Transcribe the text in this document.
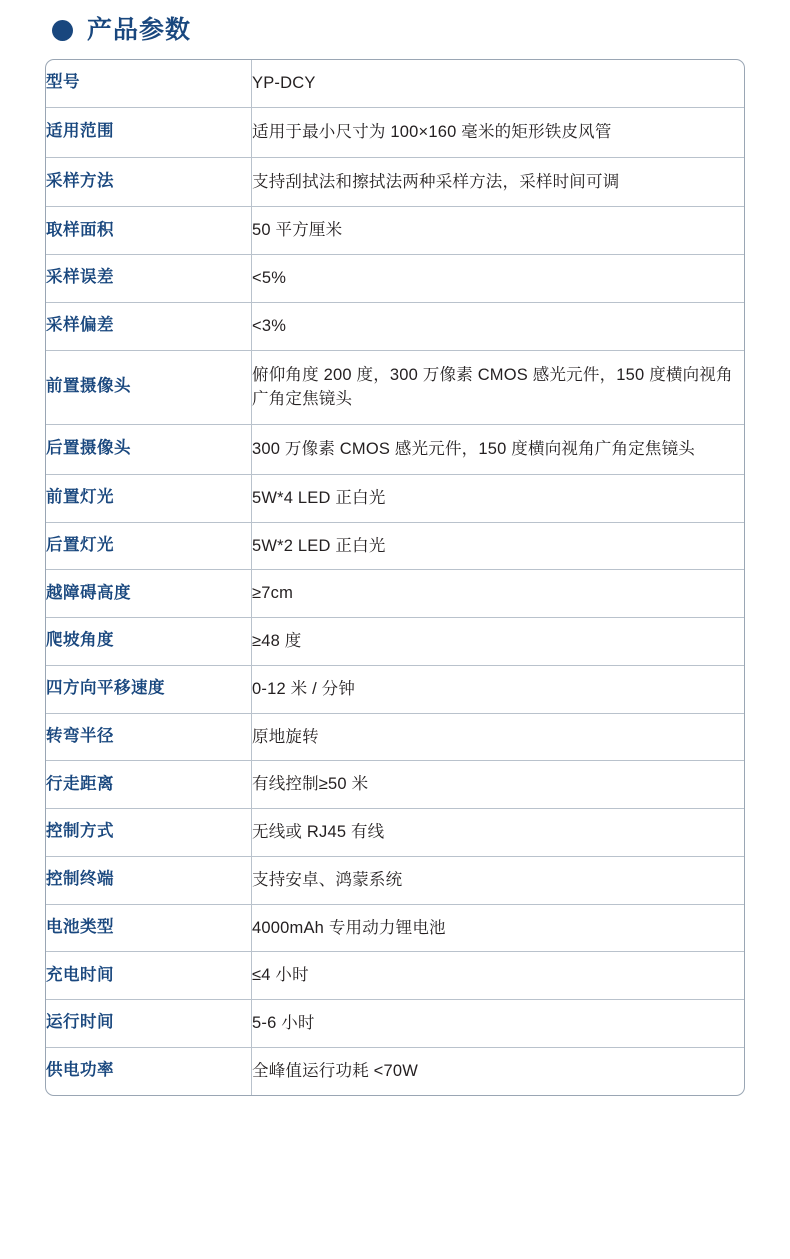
产品参数
型号	YP-DCY
适用范围	适用于最小尺寸为 100×160 毫米的矩形铁皮风管
采样方法	支持刮拭法和擦拭法两种采样方法，采样时间可调
取样面积	50 平方厘米
采样误差	<5%
采样偏差	<3%
前置摄像头	俯仰角度 200 度，300 万像素 CMOS 感光元件，150 度横向视角广角定焦镜头
后置摄像头	300 万像素 CMOS 感光元件，150 度横向视角广角定焦镜头
前置灯光	5W*4 LED 正白光
后置灯光	5W*2 LED 正白光
越障碍高度	≥7cm
爬坡角度	≥48 度
四方向平移速度	0-12 米 / 分钟
转弯半径	原地旋转
行走距离	有线控制≥50 米
控制方式	无线或 RJ45 有线
控制终端	支持安卓、鸿蒙系统
电池类型	4000mAh 专用动力锂电池
充电时间	≤4 小时
运行时间	5-6 小时
供电功率	全峰值运行功耗 <70W
